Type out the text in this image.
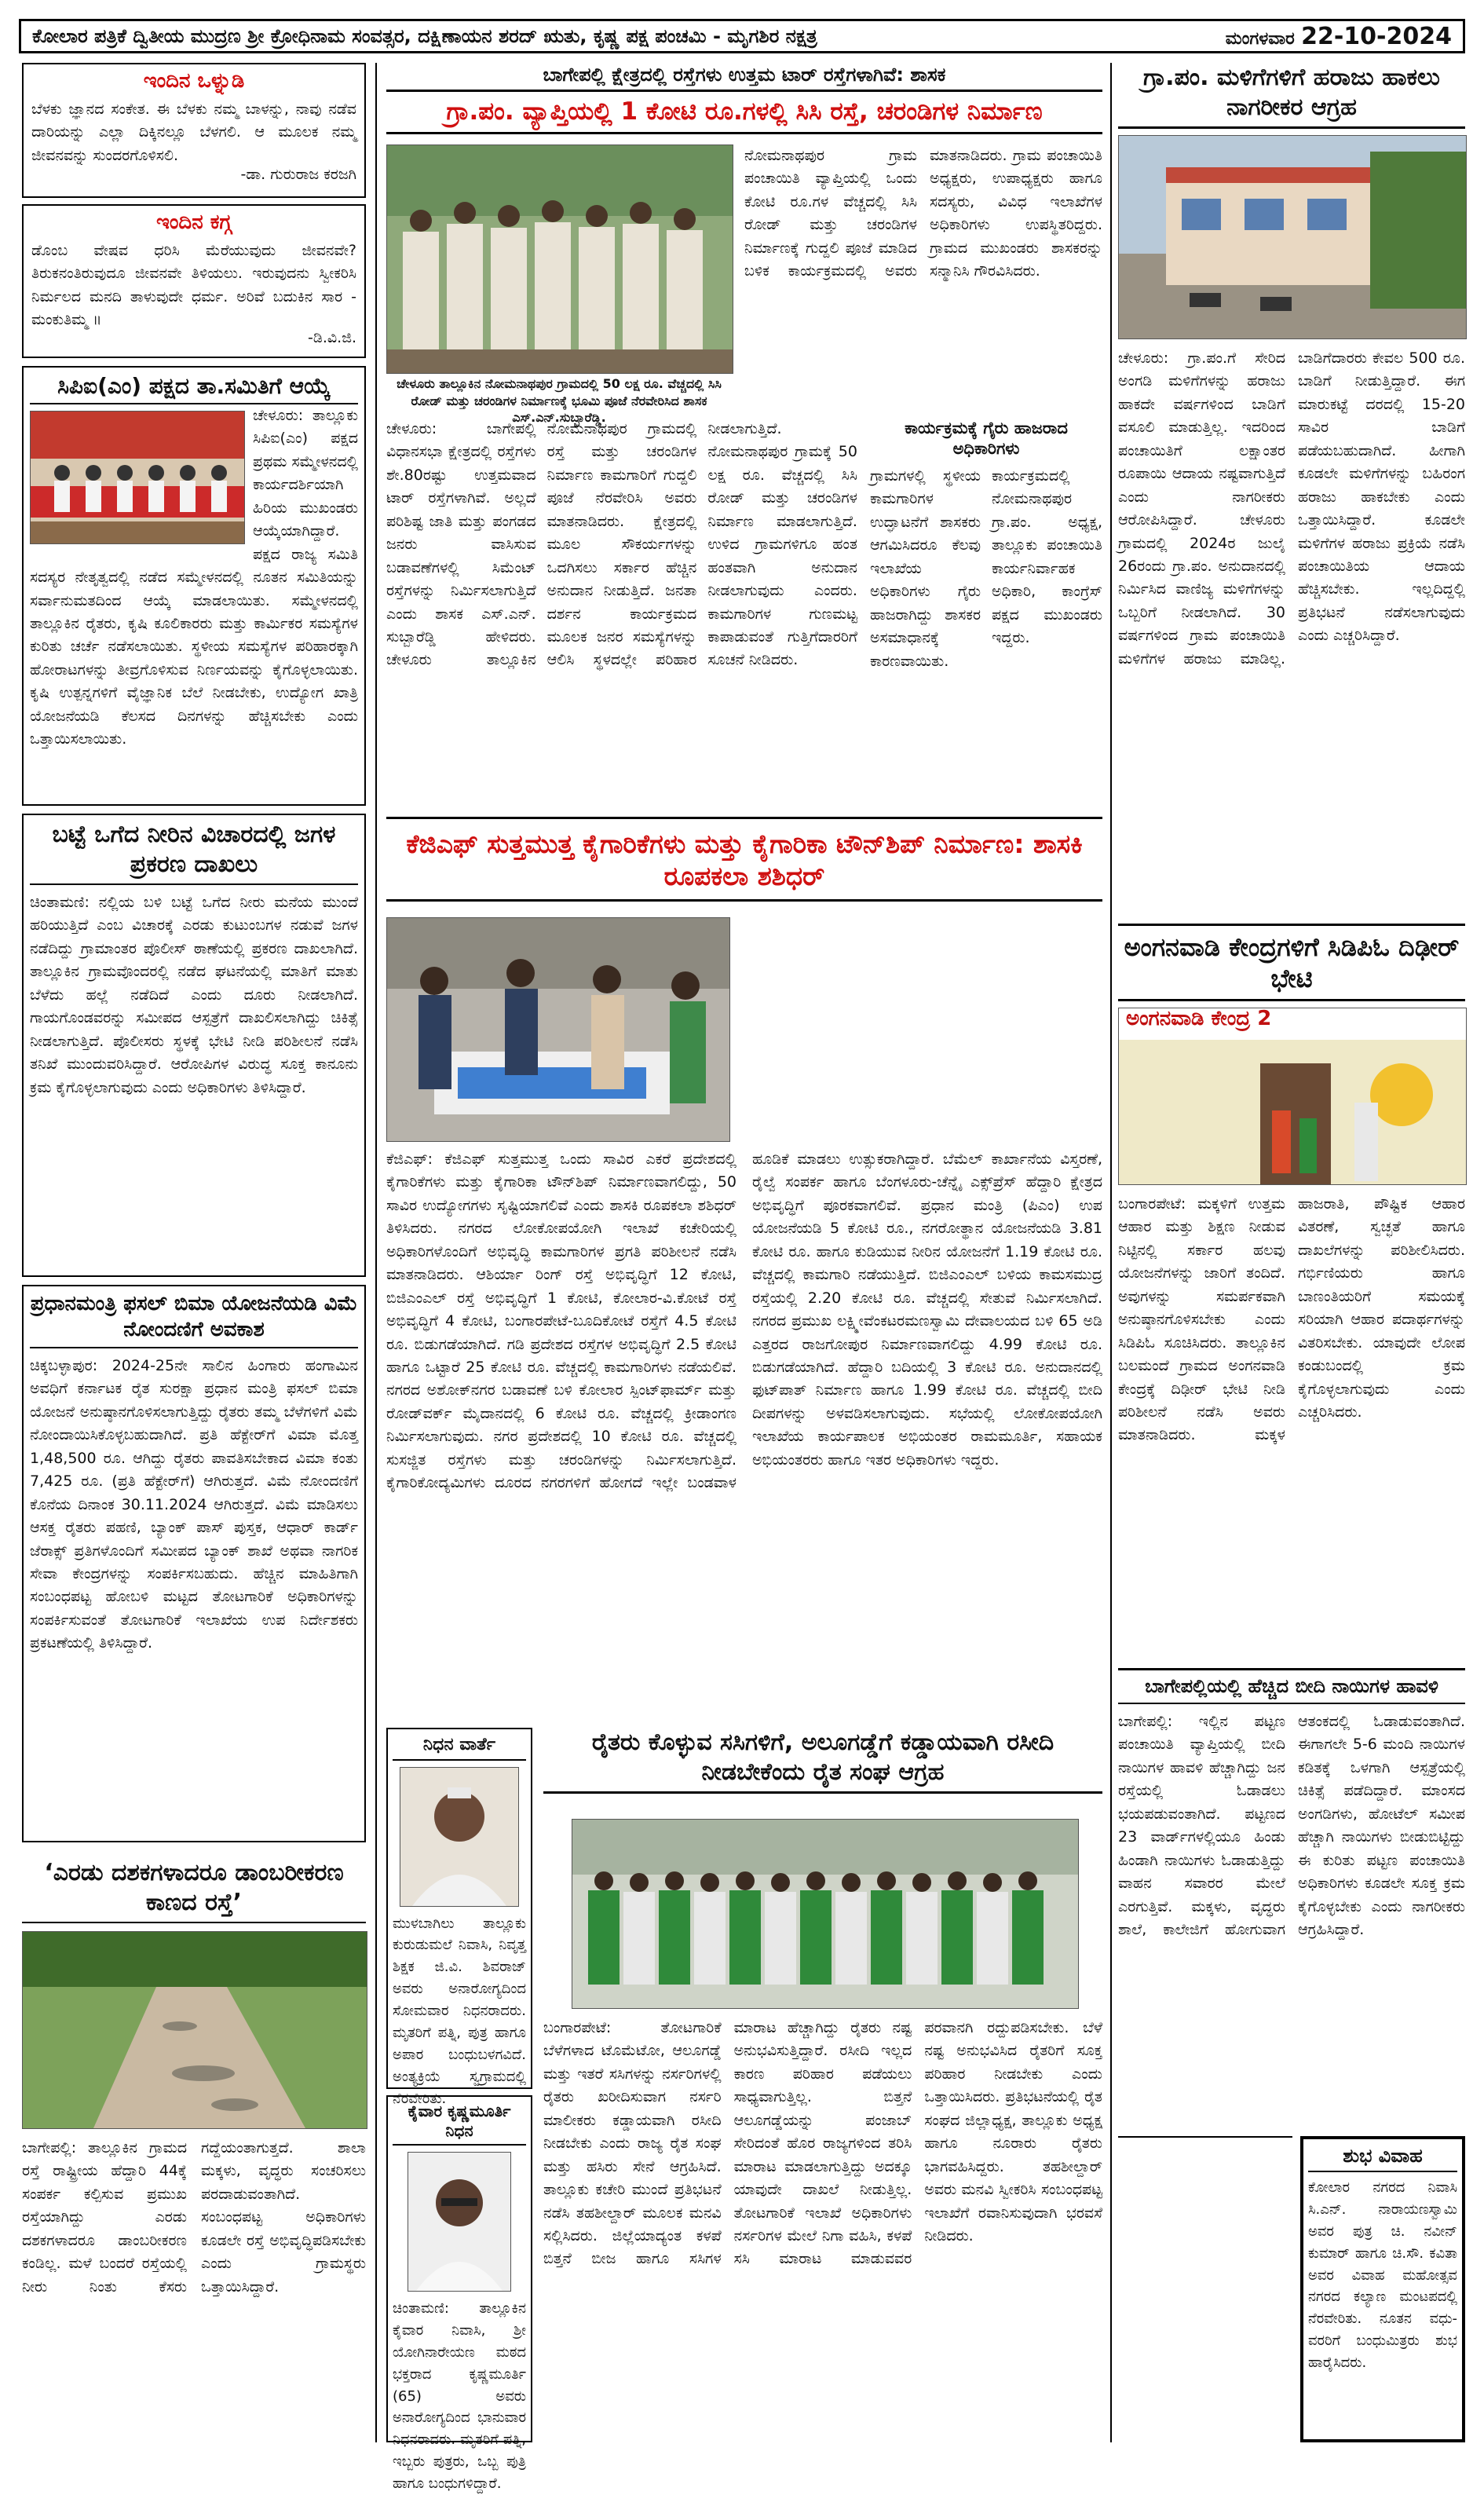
ಕೋಲಾರ ಪತ್ರಿಕೆ ದ್ವಿತೀಯ ಮುದ್ರಣ ಶ್ರೀ ಕ್ರೋಧಿನಾಮ ಸಂವತ್ಸರ, ದಕ್ಷಿಣಾಯನ ಶರದ್ ಋತು, ಕೃಷ್ಣ ಪಕ್ಷ ಪಂಚಮಿ - ಮೃಗಶಿರ ನಕ್ಷತ್ರ	ಮಂಗಳವಾರ 22-10-2024
ಇಂದಿನ ಒಳ್ನುಡಿ
ಬೆಳಕು ಜ್ಞಾನದ ಸಂಕೇತ. ಈ ಬೆಳಕು ನಮ್ಮ ಬಾಳನ್ನು, ನಾವು ನಡೆವ ದಾರಿಯನ್ನು ಎಲ್ಲಾ ದಿಕ್ಕಿನಲ್ಲೂ ಬೆಳಗಲಿ. ಆ ಮೂಲಕ ನಮ್ಮ ಜೀವನವನ್ನು ಸುಂದರಗೊಳಿಸಲಿ.
-ಡಾ. ಗುರುರಾಜ ಕರಜಗಿ
ಇಂದಿನ ಕಗ್ಗ
ಡೊಂಬ ವೇಷವ ಧರಿಸಿ ಮೆರೆಯುವುದು ಜೀವನವೇ? ತಿರುಕನಂತಿರುವುದೂ ಜೀವನವೇ ತಿಳಿಯಲು. ಇರುವುದನು ಸ್ವೀಕರಿಸಿ ನಿರ್ಮಲದ ಮನದಿ ತಾಳುವುದೇ ಧರ್ಮ. ಅರಿವೆ ಬದುಕಿನ ಸಾರ - ಮಂಕುತಿಮ್ಮ ॥
-ಡಿ.ವಿ.ಜಿ.
ಸಿಪಿಐ(ಎಂ) ಪಕ್ಷದ ತಾ.ಸಮಿತಿಗೆ ಆಯ್ಕೆ
ಚೇಳೂರು: ತಾಲ್ಲೂಕು ಸಿಪಿಐ(ಎಂ) ಪಕ್ಷದ ಪ್ರಥಮ ಸಮ್ಮೇಳನದಲ್ಲಿ ಕಾರ್ಯದರ್ಶಿಯಾಗಿ ಹಿರಿಯ ಮುಖಂಡರು ಆಯ್ಕೆಯಾಗಿದ್ದಾರೆ. ಪಕ್ಷದ ರಾಜ್ಯ ಸಮಿತಿ ಸದಸ್ಯರ ನೇತೃತ್ವದಲ್ಲಿ ನಡೆದ ಸಮ್ಮೇಳನದಲ್ಲಿ ನೂತನ ಸಮಿತಿಯನ್ನು ಸರ್ವಾನುಮತದಿಂದ ಆಯ್ಕೆ ಮಾಡಲಾಯಿತು. ಸಮ್ಮೇಳನದಲ್ಲಿ ತಾಲ್ಲೂಕಿನ ರೈತರು, ಕೃಷಿ ಕೂಲಿಕಾರರು ಮತ್ತು ಕಾರ್ಮಿಕರ ಸಮಸ್ಯೆಗಳ ಕುರಿತು ಚರ್ಚೆ ನಡೆಸಲಾಯಿತು. ಸ್ಥಳೀಯ ಸಮಸ್ಯೆಗಳ ಪರಿಹಾರಕ್ಕಾಗಿ ಹೋರಾಟಗಳನ್ನು ತೀವ್ರಗೊಳಿಸುವ ನಿರ್ಣಯವನ್ನು ಕೈಗೊಳ್ಳಲಾಯಿತು. ಕೃಷಿ ಉತ್ಪನ್ನಗಳಿಗೆ ವೈಜ್ಞಾನಿಕ ಬೆಲೆ ನೀಡಬೇಕು, ಉದ್ಯೋಗ ಖಾತ್ರಿ ಯೋಜನೆಯಡಿ ಕೆಲಸದ ದಿನಗಳನ್ನು ಹೆಚ್ಚಿಸಬೇಕು ಎಂದು ಒತ್ತಾಯಿಸಲಾಯಿತು.
ಬಟ್ಟೆ ಒಗೆದ ನೀರಿನ ವಿಚಾರದಲ್ಲಿ ಜಗಳ ಪ್ರಕರಣ ದಾಖಲು
ಚಿಂತಾಮಣಿ: ನಲ್ಲಿಯ ಬಳಿ ಬಟ್ಟೆ ಒಗೆದ ನೀರು ಮನೆಯ ಮುಂದೆ ಹರಿಯುತ್ತಿದೆ ಎಂಬ ವಿಚಾರಕ್ಕೆ ಎರಡು ಕುಟುಂಬಗಳ ನಡುವೆ ಜಗಳ ನಡೆದಿದ್ದು ಗ್ರಾಮಾಂತರ ಪೊಲೀಸ್ ಠಾಣೆಯಲ್ಲಿ ಪ್ರಕರಣ ದಾಖಲಾಗಿದೆ. ತಾಲ್ಲೂಕಿನ ಗ್ರಾಮವೊಂದರಲ್ಲಿ ನಡೆದ ಘಟನೆಯಲ್ಲಿ ಮಾತಿಗೆ ಮಾತು ಬೆಳೆದು ಹಲ್ಲೆ ನಡೆದಿದೆ ಎಂದು ದೂರು ನೀಡಲಾಗಿದೆ. ಗಾಯಗೊಂಡವರನ್ನು ಸಮೀಪದ ಆಸ್ಪತ್ರೆಗೆ ದಾಖಲಿಸಲಾಗಿದ್ದು ಚಿಕಿತ್ಸೆ ನೀಡಲಾಗುತ್ತಿದೆ. ಪೊಲೀಸರು ಸ್ಥಳಕ್ಕೆ ಭೇಟಿ ನೀಡಿ ಪರಿಶೀಲನೆ ನಡೆಸಿ ತನಿಖೆ ಮುಂದುವರಿಸಿದ್ದಾರೆ. ಆರೋಪಿಗಳ ವಿರುದ್ಧ ಸೂಕ್ತ ಕಾನೂನು ಕ್ರಮ ಕೈಗೊಳ್ಳಲಾಗುವುದು ಎಂದು ಅಧಿಕಾರಿಗಳು ತಿಳಿಸಿದ್ದಾರೆ.
ಪ್ರಧಾನಮಂತ್ರಿ ಫಸಲ್ ಬಿಮಾ ಯೋಜನೆಯಡಿ ವಿಮೆ ನೋಂದಣಿಗೆ ಅವಕಾಶ
ಚಿಕ್ಕಬಳ್ಳಾಪುರ: 2024-25ನೇ ಸಾಲಿನ ಹಿಂಗಾರು ಹಂಗಾಮಿನ ಅವಧಿಗೆ ಕರ್ನಾಟಕ ರೈತ ಸುರಕ್ಷಾ ಪ್ರಧಾನ ಮಂತ್ರಿ ಫಸಲ್ ಬಿಮಾ ಯೋಜನೆ ಅನುಷ್ಠಾನಗೊಳಿಸಲಾಗುತ್ತಿದ್ದು ರೈತರು ತಮ್ಮ ಬೆಳೆಗಳಿಗೆ ವಿಮೆ ನೋಂದಾಯಿಸಿಕೊಳ್ಳಬಹುದಾಗಿದೆ. ಪ್ರತಿ ಹೆಕ್ಟೇರ್‌ಗೆ ವಿಮಾ ಮೊತ್ತ 1,48,500 ರೂ. ಆಗಿದ್ದು ರೈತರು ಪಾವತಿಸಬೇಕಾದ ವಿಮಾ ಕಂತು 7,425 ರೂ. (ಪ್ರತಿ ಹೆಕ್ಟೇರ್‌ಗೆ) ಆಗಿರುತ್ತದೆ. ವಿಮೆ ನೋಂದಣಿಗೆ ಕೊನೆಯ ದಿನಾಂಕ 30.11.2024 ಆಗಿರುತ್ತದೆ. ವಿಮೆ ಮಾಡಿಸಲು ಆಸಕ್ತ ರೈತರು ಪಹಣಿ, ಬ್ಯಾಂಕ್ ಪಾಸ್ ಪುಸ್ತಕ, ಆಧಾರ್ ಕಾರ್ಡ್ ಜೆರಾಕ್ಸ್ ಪ್ರತಿಗಳೊಂದಿಗೆ ಸಮೀಪದ ಬ್ಯಾಂಕ್ ಶಾಖೆ ಅಥವಾ ನಾಗರಿಕ ಸೇವಾ ಕೇಂದ್ರಗಳನ್ನು ಸಂಪರ್ಕಿಸಬಹುದು. ಹೆಚ್ಚಿನ ಮಾಹಿತಿಗಾಗಿ ಸಂಬಂಧಪಟ್ಟ ಹೋಬಳಿ ಮಟ್ಟದ ತೋಟಗಾರಿಕೆ ಅಧಿಕಾರಿಗಳನ್ನು ಸಂಪರ್ಕಿಸುವಂತೆ ತೋಟಗಾರಿಕೆ ಇಲಾಖೆಯ ಉಪ ನಿರ್ದೇಶಕರು ಪ್ರಕಟಣೆಯಲ್ಲಿ ತಿಳಿಸಿದ್ದಾರೆ.
‘ಎರಡು ದಶಕಗಳಾದರೂ ಡಾಂಬರೀಕರಣ ಕಾಣದ ರಸ್ತೆ’
ಬಾಗೇಪಲ್ಲಿ: ತಾಲ್ಲೂಕಿನ ಗ್ರಾಮದ ರಸ್ತೆ ರಾಷ್ಟ್ರೀಯ ಹೆದ್ದಾರಿ 44ಕ್ಕೆ ಸಂಪರ್ಕ ಕಲ್ಪಿಸುವ ಪ್ರಮುಖ ರಸ್ತೆಯಾಗಿದ್ದು ಎರಡು ದಶಕಗಳಾದರೂ ಡಾಂಬರೀಕರಣ ಕಂಡಿಲ್ಲ. ಮಳೆ ಬಂದರೆ ರಸ್ತೆಯಲ್ಲಿ ನೀರು ನಿಂತು ಕೆಸರು ಗದ್ದೆಯಂತಾಗುತ್ತದೆ. ಶಾಲಾ ಮಕ್ಕಳು, ವೃದ್ಧರು ಸಂಚರಿಸಲು ಪರದಾಡುವಂತಾಗಿದೆ. ಸಂಬಂಧಪಟ್ಟ ಅಧಿಕಾರಿಗಳು ಕೂಡಲೇ ರಸ್ತೆ ಅಭಿವೃದ್ಧಿಪಡಿಸಬೇಕು ಎಂದು ಗ್ರಾಮಸ್ಥರು ಒತ್ತಾಯಿಸಿದ್ದಾರೆ.
ಬಾಗೇಪಲ್ಲಿ ಕ್ಷೇತ್ರದಲ್ಲಿ ರಸ್ತೆಗಳು ಉತ್ತಮ ಟಾರ್ ರಸ್ತೆಗಳಾಗಿವೆ: ಶಾಸಕ
ಗ್ರಾ.ಪಂ. ವ್ಯಾಪ್ತಿಯಲ್ಲಿ 1 ಕೋಟಿ ರೂ.ಗಳಲ್ಲಿ ಸಿಸಿ ರಸ್ತೆ, ಚರಂಡಿಗಳ ನಿರ್ಮಾಣ
ಚೇಳೂರು ತಾಲ್ಲೂಕಿನ ನೋಮನಾಥಪುರ ಗ್ರಾಮದಲ್ಲಿ 50 ಲಕ್ಷ ರೂ. ವೆಚ್ಚದಲ್ಲಿ ಸಿಸಿ ರೋಡ್ ಮತ್ತು ಚರಂಡಿಗಳ ನಿರ್ಮಾಣಕ್ಕೆ ಭೂಮಿ ಪೂಜೆ ನೆರವೇರಿಸಿದ ಶಾಸಕ ಎಸ್.ಎನ್.ಸುಬ್ಬಾರೆಡ್ಡಿ.
ನೋಮನಾಥಪುರ ಗ್ರಾಮ ಪಂಚಾಯಿತಿ ವ್ಯಾಪ್ತಿಯಲ್ಲಿ ಒಂದು ಕೋಟಿ ರೂ.ಗಳ ವೆಚ್ಚದಲ್ಲಿ ಸಿಸಿ ರೋಡ್ ಮತ್ತು ಚರಂಡಿಗಳ ನಿರ್ಮಾಣಕ್ಕೆ ಗುದ್ದಲಿ ಪೂಜೆ ಮಾಡಿದ ಬಳಿಕ ಕಾರ್ಯಕ್ರಮದಲ್ಲಿ ಅವರು ಮಾತನಾಡಿದರು. ಗ್ರಾಮ ಪಂಚಾಯಿತಿ ಅಧ್ಯಕ್ಷರು, ಉಪಾಧ್ಯಕ್ಷರು ಹಾಗೂ ಸದಸ್ಯರು, ವಿವಿಧ ಇಲಾಖೆಗಳ ಅಧಿಕಾರಿಗಳು ಉಪಸ್ಥಿತರಿದ್ದರು. ಗ್ರಾಮದ ಮುಖಂಡರು ಶಾಸಕರನ್ನು ಸನ್ಮಾನಿಸಿ ಗೌರವಿಸಿದರು.
ಚೇಳೂರು: ಬಾಗೇಪಲ್ಲಿ ವಿಧಾನಸಭಾ ಕ್ಷೇತ್ರದಲ್ಲಿ ರಸ್ತೆಗಳು ಶೇ.80ರಷ್ಟು ಉತ್ತಮವಾದ ಟಾರ್ ರಸ್ತೆಗಳಾಗಿವೆ. ಅಲ್ಲದೆ ಪರಿಶಿಷ್ಟ ಜಾತಿ ಮತ್ತು ಪಂಗಡದ ಜನರು ವಾಸಿಸುವ ಬಡಾವಣೆಗಳಲ್ಲಿ ಸಿಮೆಂಟ್ ರಸ್ತೆಗಳನ್ನು ನಿರ್ಮಿಸಲಾಗುತ್ತಿದೆ ಎಂದು ಶಾಸಕ ಎಸ್.ಎನ್. ಸುಬ್ಬಾರೆಡ್ಡಿ ಹೇಳಿದರು. ಚೇಳೂರು ತಾಲ್ಲೂಕಿನ ನೋಮನಾಥಪುರ ಗ್ರಾಮದಲ್ಲಿ ರಸ್ತೆ ಮತ್ತು ಚರಂಡಿಗಳ ನಿರ್ಮಾಣ ಕಾಮಗಾರಿಗೆ ಗುದ್ದಲಿ ಪೂಜೆ ನೆರವೇರಿಸಿ ಅವರು ಮಾತನಾಡಿದರು. ಕ್ಷೇತ್ರದಲ್ಲಿ ಮೂಲ ಸೌಕರ್ಯಗಳನ್ನು ಒದಗಿಸಲು ಸರ್ಕಾರ ಹೆಚ್ಚಿನ ಅನುದಾನ ನೀಡುತ್ತಿದೆ. ಜನತಾ ದರ್ಶನ ಕಾರ್ಯಕ್ರಮದ ಮೂಲಕ ಜನರ ಸಮಸ್ಯೆಗಳನ್ನು ಆಲಿಸಿ ಸ್ಥಳದಲ್ಲೇ ಪರಿಹಾರ ನೀಡಲಾಗುತ್ತಿದೆ. ನೋಮನಾಥಪುರ ಗ್ರಾಮಕ್ಕೆ 50 ಲಕ್ಷ ರೂ. ವೆಚ್ಚದಲ್ಲಿ ಸಿಸಿ ರೋಡ್ ಮತ್ತು ಚರಂಡಿಗಳ ನಿರ್ಮಾಣ ಮಾಡಲಾಗುತ್ತಿದೆ. ಉಳಿದ ಗ್ರಾಮಗಳಿಗೂ ಹಂತ ಹಂತವಾಗಿ ಅನುದಾನ ನೀಡಲಾಗುವುದು ಎಂದರು. ಕಾಮಗಾರಿಗಳ ಗುಣಮಟ್ಟ ಕಾಪಾಡುವಂತೆ ಗುತ್ತಿಗೆದಾರರಿಗೆ ಸೂಚನೆ ನೀಡಿದರು.
ಕಾರ್ಯಕ್ರಮಕ್ಕೆ ಗೈರು ಹಾಜರಾದ ಅಧಿಕಾರಿಗಳು
ಗ್ರಾಮಗಳಲ್ಲಿ ಸ್ಥಳೀಯ ಕಾಮಗಾರಿಗಳ ಉದ್ಘಾಟನೆಗೆ ಶಾಸಕರು ಆಗಮಿಸಿದರೂ ಕೆಲವು ಇಲಾಖೆಯ ಅಧಿಕಾರಿಗಳು ಗೈರು ಹಾಜರಾಗಿದ್ದು ಶಾಸಕರ ಅಸಮಾಧಾನಕ್ಕೆ ಕಾರಣವಾಯಿತು. ಕಾರ್ಯಕ್ರಮದಲ್ಲಿ ನೋಮನಾಥಪುರ ಗ್ರಾ.ಪಂ. ಅಧ್ಯಕ್ಷ, ತಾಲ್ಲೂಕು ಪಂಚಾಯಿತಿ ಕಾರ್ಯನಿರ್ವಾಹಕ ಅಧಿಕಾರಿ, ಕಾಂಗ್ರೆಸ್ ಪಕ್ಷದ ಮುಖಂಡರು ಇದ್ದರು.
ಕೆಜಿಎಫ್ ಸುತ್ತಮುತ್ತ ಕೈಗಾರಿಕೆಗಳು ಮತ್ತು ಕೈಗಾರಿಕಾ ಟೌನ್‌ಶಿಪ್ ನಿರ್ಮಾಣ: ಶಾಸಕಿ ರೂಪಕಲಾ ಶಶಿಧರ್
ಕೆಜಿಎಫ್: ಕೆಜಿಎಫ್ ಸುತ್ತಮುತ್ತ ಒಂದು ಸಾವಿರ ಎಕರೆ ಪ್ರದೇಶದಲ್ಲಿ ಕೈಗಾರಿಕೆಗಳು ಮತ್ತು ಕೈಗಾರಿಕಾ ಟೌನ್‌ಶಿಪ್ ನಿರ್ಮಾಣವಾಗಲಿದ್ದು, 50 ಸಾವಿರ ಉದ್ಯೋಗಗಳು ಸೃಷ್ಟಿಯಾಗಲಿವೆ ಎಂದು ಶಾಸಕಿ ರೂಪಕಲಾ ಶಶಿಧರ್ ತಿಳಿಸಿದರು. ನಗರದ ಲೋಕೋಪಯೋಗಿ ಇಲಾಖೆ ಕಚೇರಿಯಲ್ಲಿ ಅಧಿಕಾರಿಗಳೊಂದಿಗೆ ಅಭಿವೃದ್ಧಿ ಕಾಮಗಾರಿಗಳ ಪ್ರಗತಿ ಪರಿಶೀಲನೆ ನಡೆಸಿ ಮಾತನಾಡಿದರು. ಆಶಿರ್ಯಾ ರಿಂಗ್ ರಸ್ತೆ ಅಭಿವೃದ್ಧಿಗೆ 12 ಕೋಟಿ, ಬಿಜಿಎಂಎಲ್ ರಸ್ತೆ ಅಭಿವೃದ್ಧಿಗೆ 1 ಕೋಟಿ, ಕೋಲಾರ-ವಿ.ಕೋಟೆ ರಸ್ತೆ ಅಭಿವೃದ್ಧಿಗೆ 4 ಕೋಟಿ, ಬಂಗಾರಪೇಟೆ-ಬೂದಿಕೋಟೆ ರಸ್ತೆಗೆ 4.5 ಕೋಟಿ ರೂ. ಬಿಡುಗಡೆಯಾಗಿದೆ. ಗಡಿ ಪ್ರದೇಶದ ರಸ್ತೆಗಳ ಅಭಿವೃದ್ಧಿಗೆ 2.5 ಕೋಟಿ ಹಾಗೂ ಒಟ್ಟಾರೆ 25 ಕೋಟಿ ರೂ. ವೆಚ್ಚದಲ್ಲಿ ಕಾಮಗಾರಿಗಳು ನಡೆಯಲಿವೆ. ನಗರದ ಅಶೋಕ್‌ನಗರ ಬಡಾವಣೆ ಬಳಿ ಕೋಲಾರ ಸ್ಪಿಂಟ್‌ಫಾರ್ಮ್ ಮತ್ತು ರೋಡ್‌ವರ್ಕ್ ಮೈದಾನದಲ್ಲಿ 6 ಕೋಟಿ ರೂ. ವೆಚ್ಚದಲ್ಲಿ ಕ್ರೀಡಾಂಗಣ ನಿರ್ಮಿಸಲಾಗುವುದು. ನಗರ ಪ್ರದೇಶದಲ್ಲಿ 10 ಕೋಟಿ ರೂ. ವೆಚ್ಚದಲ್ಲಿ ಸುಸಜ್ಜಿತ ರಸ್ತೆಗಳು ಮತ್ತು ಚರಂಡಿಗಳನ್ನು ನಿರ್ಮಿಸಲಾಗುತ್ತಿದೆ. ಕೈಗಾರಿಕೋದ್ಯಮಿಗಳು ದೂರದ ನಗರಗಳಿಗೆ ಹೋಗದೆ ಇಲ್ಲೇ ಬಂಡವಾಳ ಹೂಡಿಕೆ ಮಾಡಲು ಉತ್ಸುಕರಾಗಿದ್ದಾರೆ. ಬೆಮೆಲ್ ಕಾರ್ಖಾನೆಯ ವಿಸ್ತರಣೆ, ರೈಲ್ವೆ ಸಂಪರ್ಕ ಹಾಗೂ ಬೆಂಗಳೂರು-ಚೆನ್ನೈ ಎಕ್ಸ್‌ಪ್ರೆಸ್ ಹೆದ್ದಾರಿ ಕ್ಷೇತ್ರದ ಅಭಿವೃದ್ಧಿಗೆ ಪೂರಕವಾಗಲಿವೆ. ಪ್ರಧಾನ ಮಂತ್ರಿ (ಪಿಎಂ) ಉಪ ಯೋಜನೆಯಡಿ 5 ಕೋಟಿ ರೂ., ನಗರೋತ್ಥಾನ ಯೋಜನೆಯಡಿ 3.81 ಕೋಟಿ ರೂ. ಹಾಗೂ ಕುಡಿಯುವ ನೀರಿನ ಯೋಜನೆಗೆ 1.19 ಕೋಟಿ ರೂ. ವೆಚ್ಚದಲ್ಲಿ ಕಾಮಗಾರಿ ನಡೆಯುತ್ತಿದೆ. ಬಿಜಿಎಂಎಲ್ ಬಳಿಯ ಕಾಮಸಮುದ್ರ ರಸ್ತೆಯಲ್ಲಿ 2.20 ಕೋಟಿ ರೂ. ವೆಚ್ಚದಲ್ಲಿ ಸೇತುವೆ ನಿರ್ಮಿಸಲಾಗಿದೆ. ನಗರದ ಪ್ರಮುಖ ಲಕ್ಷ್ಮೀವೆಂಕಟರಮಣಸ್ವಾಮಿ ದೇವಾಲಯದ ಬಳಿ 65 ಅಡಿ ಎತ್ತರದ ರಾಜಗೋಪುರ ನಿರ್ಮಾಣವಾಗಲಿದ್ದು 4.99 ಕೋಟಿ ರೂ. ಬಿಡುಗಡೆಯಾಗಿದೆ. ಹೆದ್ದಾರಿ ಬದಿಯಲ್ಲಿ 3 ಕೋಟಿ ರೂ. ಅನುದಾನದಲ್ಲಿ ಫುಟ್‌ಪಾತ್ ನಿರ್ಮಾಣ ಹಾಗೂ 1.99 ಕೋಟಿ ರೂ. ವೆಚ್ಚದಲ್ಲಿ ಬೀದಿ ದೀಪಗಳನ್ನು ಅಳವಡಿಸಲಾಗುವುದು. ಸಭೆಯಲ್ಲಿ ಲೋಕೋಪಯೋಗಿ ಇಲಾಖೆಯ ಕಾರ್ಯಪಾಲಕ ಅಭಿಯಂತರ ರಾಮಮೂರ್ತಿ, ಸಹಾಯಕ ಅಭಿಯಂತರರು ಹಾಗೂ ಇತರ ಅಧಿಕಾರಿಗಳು ಇದ್ದರು.
ನಿಧನ ವಾರ್ತೆ
ಮುಳಬಾಗಿಲು ತಾಲ್ಲೂಕು ಕುರುಡುಮಲೆ ನಿವಾಸಿ, ನಿವೃತ್ತ ಶಿಕ್ಷಕ ಜಿ.ವಿ. ಶಿವರಾಜ್ ಅವರು ಅನಾರೋಗ್ಯದಿಂದ ಸೋಮವಾರ ನಿಧನರಾದರು. ಮೃತರಿಗೆ ಪತ್ನಿ, ಪುತ್ರ ಹಾಗೂ ಅಪಾರ ಬಂಧುಬಳಗವಿದೆ. ಅಂತ್ಯಕ್ರಿಯೆ ಸ್ವಗ್ರಾಮದಲ್ಲಿ ನೆರವೇರಿತು.
ಕೈವಾರ ಕೃಷ್ಣಮೂರ್ತಿ ನಿಧನ
ಚಿಂತಾಮಣಿ: ತಾಲ್ಲೂಕಿನ ಕೈವಾರ ನಿವಾಸಿ, ಶ್ರೀ ಯೋಗಿನಾರೇಯಣ ಮಠದ ಭಕ್ತರಾದ ಕೃಷ್ಣಮೂರ್ತಿ (65) ಅವರು ಅನಾರೋಗ್ಯದಿಂದ ಭಾನುವಾರ ನಿಧನರಾದರು. ಮೃತರಿಗೆ ಪತ್ನಿ, ಇಬ್ಬರು ಪುತ್ರರು, ಒಬ್ಬ ಪುತ್ರಿ ಹಾಗೂ ಬಂಧುಗಳಿದ್ದಾರೆ.
ರೈತರು ಕೊಳ್ಳುವ ಸಸಿಗಳಿಗೆ, ಅಲೂಗಡ್ಡೆಗೆ ಕಡ್ಡಾಯವಾಗಿ ರಸೀದಿ ನೀಡಬೇಕೆಂದು ರೈತ ಸಂಘ ಆಗ್ರಹ
ಬಂಗಾರಪೇಟೆ: ತೋಟಗಾರಿಕೆ ಬೆಳೆಗಳಾದ ಟೊಮೆಟೋ, ಆಲೂಗಡ್ಡೆ ಮತ್ತು ಇತರೆ ಸಸಿಗಳನ್ನು ನರ್ಸರಿಗಳಲ್ಲಿ ರೈತರು ಖರೀದಿಸುವಾಗ ನರ್ಸರಿ ಮಾಲೀಕರು ಕಡ್ಡಾಯವಾಗಿ ರಸೀದಿ ನೀಡಬೇಕು ಎಂದು ರಾಜ್ಯ ರೈತ ಸಂಘ ಮತ್ತು ಹಸಿರು ಸೇನೆ ಆಗ್ರಹಿಸಿದೆ. ತಾಲ್ಲೂಕು ಕಚೇರಿ ಮುಂದೆ ಪ್ರತಿಭಟನೆ ನಡೆಸಿ ತಹಶೀಲ್ದಾರ್ ಮೂಲಕ ಮನವಿ ಸಲ್ಲಿಸಿದರು. ಜಿಲ್ಲೆಯಾದ್ಯಂತ ಕಳಪೆ ಬಿತ್ತನೆ ಬೀಜ ಹಾಗೂ ಸಸಿಗಳ ಮಾರಾಟ ಹೆಚ್ಚಾಗಿದ್ದು ರೈತರು ನಷ್ಟ ಅನುಭವಿಸುತ್ತಿದ್ದಾರೆ. ರಸೀದಿ ಇಲ್ಲದ ಕಾರಣ ಪರಿಹಾರ ಪಡೆಯಲು ಸಾಧ್ಯವಾಗುತ್ತಿಲ್ಲ. ಬಿತ್ತನೆ ಆಲೂಗಡ್ಡೆಯನ್ನು ಪಂಜಾಬ್ ಸೇರಿದಂತೆ ಹೊರ ರಾಜ್ಯಗಳಿಂದ ತರಿಸಿ ಮಾರಾಟ ಮಾಡಲಾಗುತ್ತಿದ್ದು ಅದಕ್ಕೂ ಯಾವುದೇ ದಾಖಲೆ ನೀಡುತ್ತಿಲ್ಲ. ತೋಟಗಾರಿಕೆ ಇಲಾಖೆ ಅಧಿಕಾರಿಗಳು ನರ್ಸರಿಗಳ ಮೇಲೆ ನಿಗಾ ವಹಿಸಿ, ಕಳಪೆ ಸಸಿ ಮಾರಾಟ ಮಾಡುವವರ ಪರವಾನಗಿ ರದ್ದುಪಡಿಸಬೇಕು. ಬೆಳೆ ನಷ್ಟ ಅನುಭವಿಸಿದ ರೈತರಿಗೆ ಸೂಕ್ತ ಪರಿಹಾರ ನೀಡಬೇಕು ಎಂದು ಒತ್ತಾಯಿಸಿದರು. ಪ್ರತಿಭಟನೆಯಲ್ಲಿ ರೈತ ಸಂಘದ ಜಿಲ್ಲಾಧ್ಯಕ್ಷ, ತಾಲ್ಲೂಕು ಅಧ್ಯಕ್ಷ ಹಾಗೂ ನೂರಾರು ರೈತರು ಭಾಗವಹಿಸಿದ್ದರು. ತಹಶೀಲ್ದಾರ್ ಅವರು ಮನವಿ ಸ್ವೀಕರಿಸಿ ಸಂಬಂಧಪಟ್ಟ ಇಲಾಖೆಗೆ ರವಾನಿಸುವುದಾಗಿ ಭರವಸೆ ನೀಡಿದರು.
ಗ್ರಾ.ಪಂ. ಮಳಿಗೆಗಳಿಗೆ ಹರಾಜು ಹಾಕಲು ನಾಗರೀಕರ ಆಗ್ರಹ
ಚೇಳೂರು: ಗ್ರಾ.ಪಂ.ಗೆ ಸೇರಿದ ಅಂಗಡಿ ಮಳಿಗೆಗಳನ್ನು ಹರಾಜು ಹಾಕದೇ ವರ್ಷಗಳಿಂದ ಬಾಡಿಗೆ ವಸೂಲಿ ಮಾಡುತ್ತಿಲ್ಲ. ಇದರಿಂದ ಪಂಚಾಯಿತಿಗೆ ಲಕ್ಷಾಂತರ ರೂಪಾಯಿ ಆದಾಯ ನಷ್ಟವಾಗುತ್ತಿದೆ ಎಂದು ನಾಗರೀಕರು ಆರೋಪಿಸಿದ್ದಾರೆ. ಚೇಳೂರು ಗ್ರಾಮದಲ್ಲಿ 2024ರ ಜುಲೈ 26ರಂದು ಗ್ರಾ.ಪಂ. ಅನುದಾನದಲ್ಲಿ ನಿರ್ಮಿಸಿದ ವಾಣಿಜ್ಯ ಮಳಿಗೆಗಳನ್ನು ಒಬ್ಬರಿಗೆ ನೀಡಲಾಗಿದೆ. 30 ವರ್ಷಗಳಿಂದ ಗ್ರಾಮ ಪಂಚಾಯಿತಿ ಮಳಿಗೆಗಳ ಹರಾಜು ಮಾಡಿಲ್ಲ. ಬಾಡಿಗೆದಾರರು ಕೇವಲ 500 ರೂ. ಬಾಡಿಗೆ ನೀಡುತ್ತಿದ್ದಾರೆ. ಈಗ ಮಾರುಕಟ್ಟೆ ದರದಲ್ಲಿ 15-20 ಸಾವಿರ ಬಾಡಿಗೆ ಪಡೆಯಬಹುದಾಗಿದೆ. ಹೀಗಾಗಿ ಕೂಡಲೇ ಮಳಿಗೆಗಳನ್ನು ಬಹಿರಂಗ ಹರಾಜು ಹಾಕಬೇಕು ಎಂದು ಒತ್ತಾಯಿಸಿದ್ದಾರೆ. ಕೂಡಲೇ ಮಳಿಗೆಗಳ ಹರಾಜು ಪ್ರಕ್ರಿಯೆ ನಡೆಸಿ ಪಂಚಾಯಿತಿಯ ಆದಾಯ ಹೆಚ್ಚಿಸಬೇಕು. ಇಲ್ಲದಿದ್ದಲ್ಲಿ ಪ್ರತಿಭಟನೆ ನಡೆಸಲಾಗುವುದು ಎಂದು ಎಚ್ಚರಿಸಿದ್ದಾರೆ.
ಅಂಗನವಾಡಿ ಕೇಂದ್ರಗಳಿಗೆ ಸಿಡಿಪಿಓ ದಿಢೀರ್ ಭೇಟಿ
ಅಂಗನವಾಡಿ ಕೇಂದ್ರ 2
ಬಂಗಾರಪೇಟೆ: ಮಕ್ಕಳಿಗೆ ಉತ್ತಮ ಆಹಾರ ಮತ್ತು ಶಿಕ್ಷಣ ನೀಡುವ ನಿಟ್ಟಿನಲ್ಲಿ ಸರ್ಕಾರ ಹಲವು ಯೋಜನೆಗಳನ್ನು ಜಾರಿಗೆ ತಂದಿದೆ. ಅವುಗಳನ್ನು ಸಮರ್ಪಕವಾಗಿ ಅನುಷ್ಠಾನಗೊಳಿಸಬೇಕು ಎಂದು ಸಿಡಿಪಿಓ ಸೂಚಿಸಿದರು. ತಾಲ್ಲೂಕಿನ ಬಲಮಂದೆ ಗ್ರಾಮದ ಅಂಗನವಾಡಿ ಕೇಂದ್ರಕ್ಕೆ ದಿಢೀರ್ ಭೇಟಿ ನೀಡಿ ಪರಿಶೀಲನೆ ನಡೆಸಿ ಅವರು ಮಾತನಾಡಿದರು. ಮಕ್ಕಳ ಹಾಜರಾತಿ, ಪೌಷ್ಟಿಕ ಆಹಾರ ವಿತರಣೆ, ಸ್ವಚ್ಛತೆ ಹಾಗೂ ದಾಖಲೆಗಳನ್ನು ಪರಿಶೀಲಿಸಿದರು. ಗರ್ಭಿಣಿಯರು ಹಾಗೂ ಬಾಣಂತಿಯರಿಗೆ ಸಮಯಕ್ಕೆ ಸರಿಯಾಗಿ ಆಹಾರ ಪದಾರ್ಥಗಳನ್ನು ವಿತರಿಸಬೇಕು. ಯಾವುದೇ ಲೋಪ ಕಂಡುಬಂದಲ್ಲಿ ಕ್ರಮ ಕೈಗೊಳ್ಳಲಾಗುವುದು ಎಂದು ಎಚ್ಚರಿಸಿದರು.
ಬಾಗೇಪಲ್ಲಿಯಲ್ಲಿ ಹೆಚ್ಚಿದ ಬೀದಿ ನಾಯಿಗಳ ಹಾವಳಿ
ಬಾಗೇಪಲ್ಲಿ: ಇಲ್ಲಿನ ಪಟ್ಟಣ ಪಂಚಾಯಿತಿ ವ್ಯಾಪ್ತಿಯಲ್ಲಿ ಬೀದಿ ನಾಯಿಗಳ ಹಾವಳಿ ಹೆಚ್ಚಾಗಿದ್ದು ಜನ ರಸ್ತೆಯಲ್ಲಿ ಓಡಾಡಲು ಭಯಪಡುವಂತಾಗಿದೆ. ಪಟ್ಟಣದ 23 ವಾರ್ಡ್‌ಗಳಲ್ಲಿಯೂ ಹಿಂಡು ಹಿಂಡಾಗಿ ನಾಯಿಗಳು ಓಡಾಡುತ್ತಿದ್ದು ವಾಹನ ಸವಾರರ ಮೇಲೆ ಎರಗುತ್ತಿವೆ. ಮಕ್ಕಳು, ವೃದ್ಧರು ಶಾಲೆ, ಕಾಲೇಜಿಗೆ ಹೋಗುವಾಗ ಆತಂಕದಲ್ಲಿ ಓಡಾಡುವಂತಾಗಿದೆ. ಈಗಾಗಲೇ 5-6 ಮಂದಿ ನಾಯಿಗಳ ಕಡಿತಕ್ಕೆ ಒಳಗಾಗಿ ಆಸ್ಪತ್ರೆಯಲ್ಲಿ ಚಿಕಿತ್ಸೆ ಪಡೆದಿದ್ದಾರೆ. ಮಾಂಸದ ಅಂಗಡಿಗಳು, ಹೋಟೆಲ್ ಸಮೀಪ ಹೆಚ್ಚಾಗಿ ನಾಯಿಗಳು ಬೀಡುಬಿಟ್ಟಿದ್ದು ಈ ಕುರಿತು ಪಟ್ಟಣ ಪಂಚಾಯಿತಿ ಅಧಿಕಾರಿಗಳು ಕೂಡಲೇ ಸೂಕ್ತ ಕ್ರಮ ಕೈಗೊಳ್ಳಬೇಕು ಎಂದು ನಾಗರೀಕರು ಆಗ್ರಹಿಸಿದ್ದಾರೆ.
ಶುಭ ವಿವಾಹ
ಕೋಲಾರ ನಗರದ ನಿವಾಸಿ ಸಿ.ಎನ್. ನಾರಾಯಣಸ್ವಾಮಿ ಅವರ ಪುತ್ರ ಚಿ. ನವೀನ್ ಕುಮಾರ್ ಹಾಗೂ ಚಿ.ಸೌ. ಕವಿತಾ ಅವರ ವಿವಾಹ ಮಹೋತ್ಸವ ನಗರದ ಕಲ್ಯಾಣ ಮಂಟಪದಲ್ಲಿ ನೆರವೇರಿತು. ನೂತನ ವಧು-ವರರಿಗೆ ಬಂಧುಮಿತ್ರರು ಶುಭ ಹಾರೈಸಿದರು.
